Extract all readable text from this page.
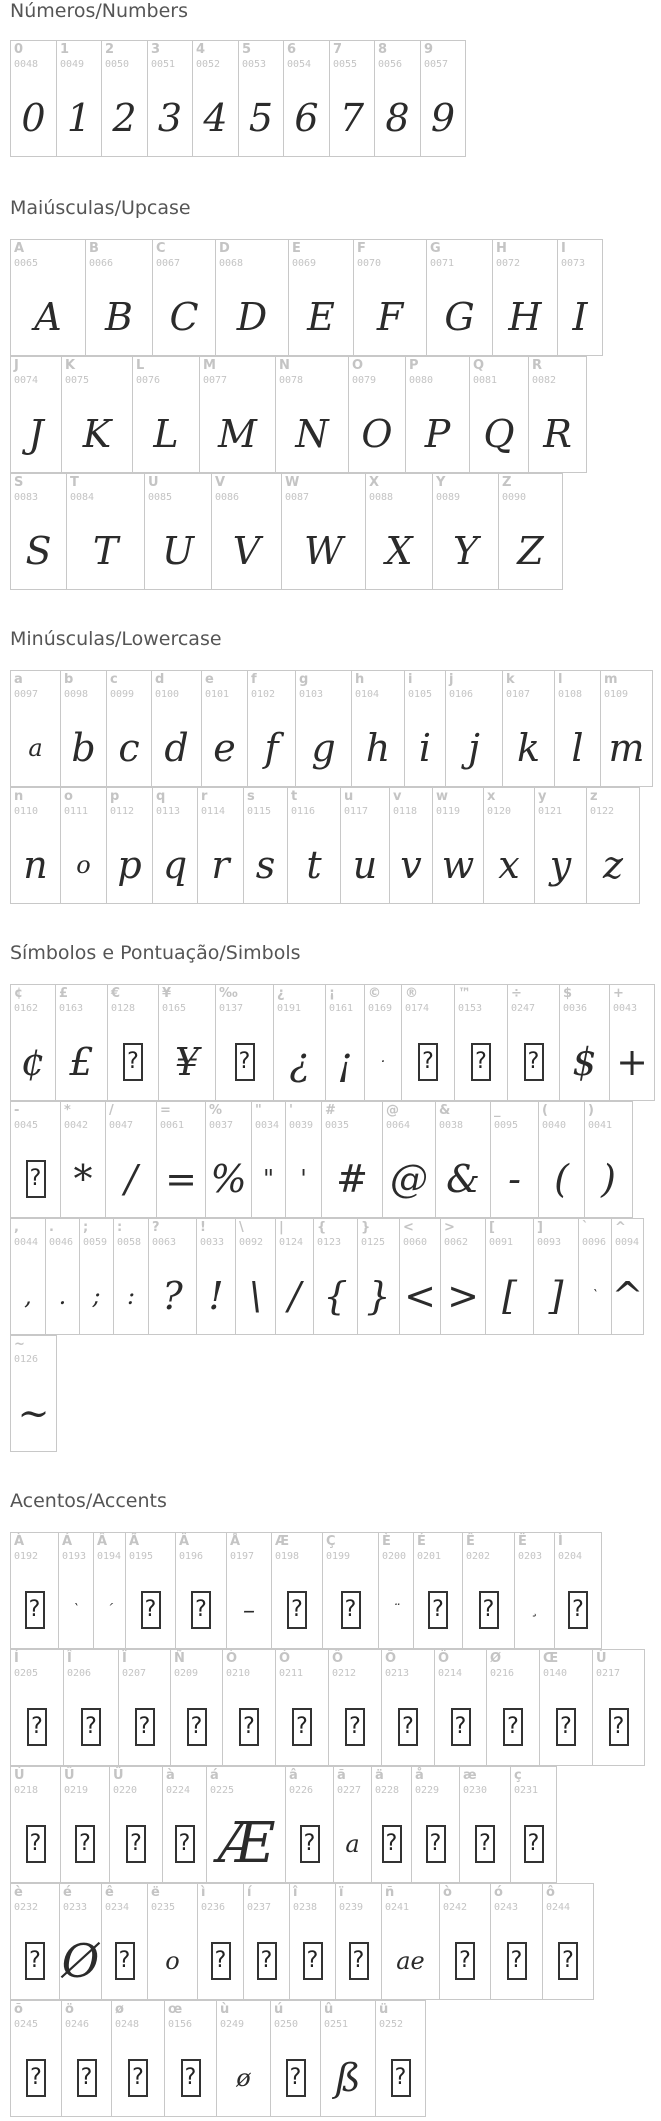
Números/Numbers
0
0048
0
1
0049
1
2
0050
2
3
0051
3
4
0052
4
5
0053
5
6
0054
6
7
0055
7
8
0056
8
9
0057
9
Maiúsculas/Upcase
A
0065
A
B
0066
B
C
0067
C
D
0068
D
E
0069
E
F
0070
F
G
0071
G
H
0072
H
I
0073
I
J
0074
J
K
0075
K
L
0076
L
M
0077
M
N
0078
N
O
0079
O
P
0080
P
Q
0081
Q
R
0082
R
S
0083
S
T
0084
T
U
0085
U
V
0086
V
W
0087
W
X
0088
X
Y
0089
Y
Z
0090
Z
Minúsculas/Lowercase
a
0097
a
b
0098
b
c
0099
c
d
0100
d
e
0101
e
f
0102
f
g
0103
g
h
0104
h
i
0105
i
j
0106
j
k
0107
k
l
0108
l
m
0109
m
n
0110
n
o
0111
o
p
0112
p
q
0113
q
r
0114
r
s
0115
s
t
0116
t
u
0117
u
v
0118
v
w
0119
w
x
0120
x
y
0121
y
z
0122
z
Símbolos e Pontuação/Simbols
¢
0162
¢
£
0163
£
€
0128
?
¥
0165
¥
‰
0137
?
¿
0191
¿
¡
0161
¡
©
0169
·
®
0174
?
™
0153
?
÷
0247
?
$
0036
$
+
0043
+
-
0045
?
*
0042
*
/
0047
/
=
0061
=
%
0037
%
"
0034
"
'
0039
'
#
0035
#
@
0064
@
&
0038
&
_
0095
-
(
0040
(
)
0041
)
,
0044
,
.
0046
.
;
0059
;
:
0058
:
?
0063
?
!
0033
!
\
0092
\
|
0124
/
{
0123
{
}
0125
}
<
0060
<
>
0062
>
[
0091
[
]
0093
]
`
0096
`
^
0094
^
~
0126
~
Acentos/Accents
À
0192
?
Á
0193
`
Â
0194
´
Ã
0195
?
Ä
0196
?
Å
0197
–
Æ
0198
?
Ç
0199
?
È
0200
¨
É
0201
?
Ê
0202
?
Ë
0203
¸
Ì
0204
?
Í
0205
?
Î
0206
?
Ï
0207
?
Ñ
0209
?
Ò
0210
?
Ó
0211
?
Ô
0212
?
Õ
0213
?
Ö
0214
?
Ø
0216
?
Œ
0140
?
Ù
0217
?
Ú
0218
?
Û
0219
?
Ü
0220
?
à
0224
?
á
0225
Æ
â
0226
?
ã
0227
a
ä
0228
?
å
0229
?
æ
0230
?
ç
0231
?
è
0232
?
é
0233
Ø
ê
0234
?
ë
0235
o
ì
0236
?
í
0237
?
î
0238
?
ï
0239
?
ñ
0241
ae
ò
0242
?
ó
0243
?
ô
0244
?
õ
0245
?
ö
0246
?
ø
0248
?
œ
0156
?
ù
0249
ø
ú
0250
?
û
0251
ß
ü
0252
?
